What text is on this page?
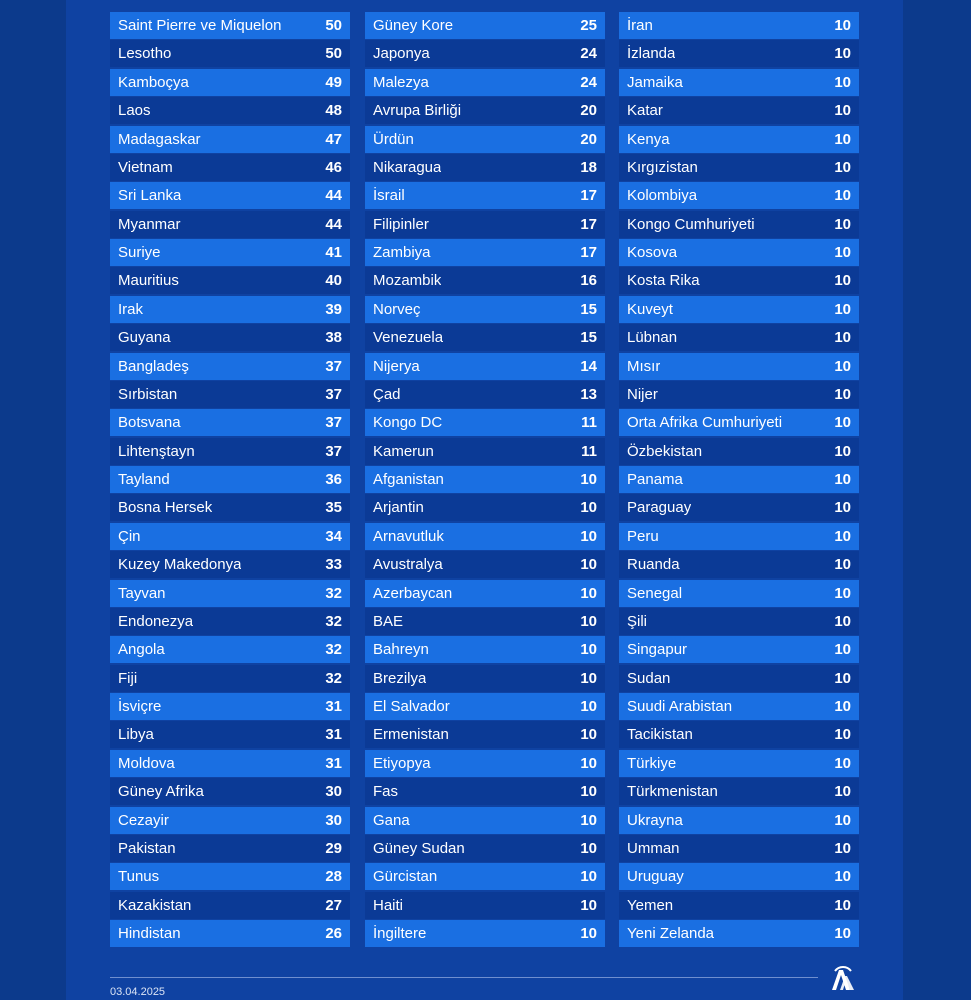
Saint Pierre ve Miquelon	50
Lesotho	50
Kamboçya	49
Laos	48
Madagaskar	47
Vietnam	46
Sri Lanka	44
Myanmar	44
Suriye	41
Mauritius	40
Irak	39
Guyana	38
Bangladeş	37
Sırbistan	37
Botsvana	37
Lihtenştayn	37
Tayland	36
Bosna Hersek	35
Çin	34
Kuzey Makedonya	33
Tayvan	32
Endonezya	32
Angola	32
Fiji	32
İsviçre	31
Libya	31
Moldova	31
Güney Afrika	30
Cezayir	30
Pakistan	29
Tunus	28
Kazakistan	27
Hindistan	26
Güney Kore	25
Japonya	24
Malezya	24
Avrupa Birliği	20
Ürdün	20
Nikaragua	18
İsrail	17
Filipinler	17
Zambiya	17
Mozambik	16
Norveç	15
Venezuela	15
Nijerya	14
Çad	13
Kongo DC	11
Kamerun	11
Afganistan	10
Arjantin	10
Arnavutluk	10
Avustralya	10
Azerbaycan	10
BAE	10
Bahreyn	10
Brezilya	10
El Salvador	10
Ermenistan	10
Etiyopya	10
Fas	10
Gana	10
Güney Sudan	10
Gürcistan	10
Haiti	10
İngiltere	10
İran	10
İzlanda	10
Jamaika	10
Katar	10
Kenya	10
Kırgızistan	10
Kolombiya	10
Kongo Cumhuriyeti	10
Kosova	10
Kosta Rika	10
Kuveyt	10
Lübnan	10
Mısır	10
Nijer	10
Orta Afrika Cumhuriyeti	10
Özbekistan	10
Panama	10
Paraguay	10
Peru	10
Ruanda	10
Senegal	10
Şili	10
Singapur	10
Sudan	10
Suudi Arabistan	10
Tacikistan	10
Türkiye	10
Türkmenistan	10
Ukrayna	10
Umman	10
Uruguay	10
Yemen	10
Yeni Zelanda	10
03.04.2025
